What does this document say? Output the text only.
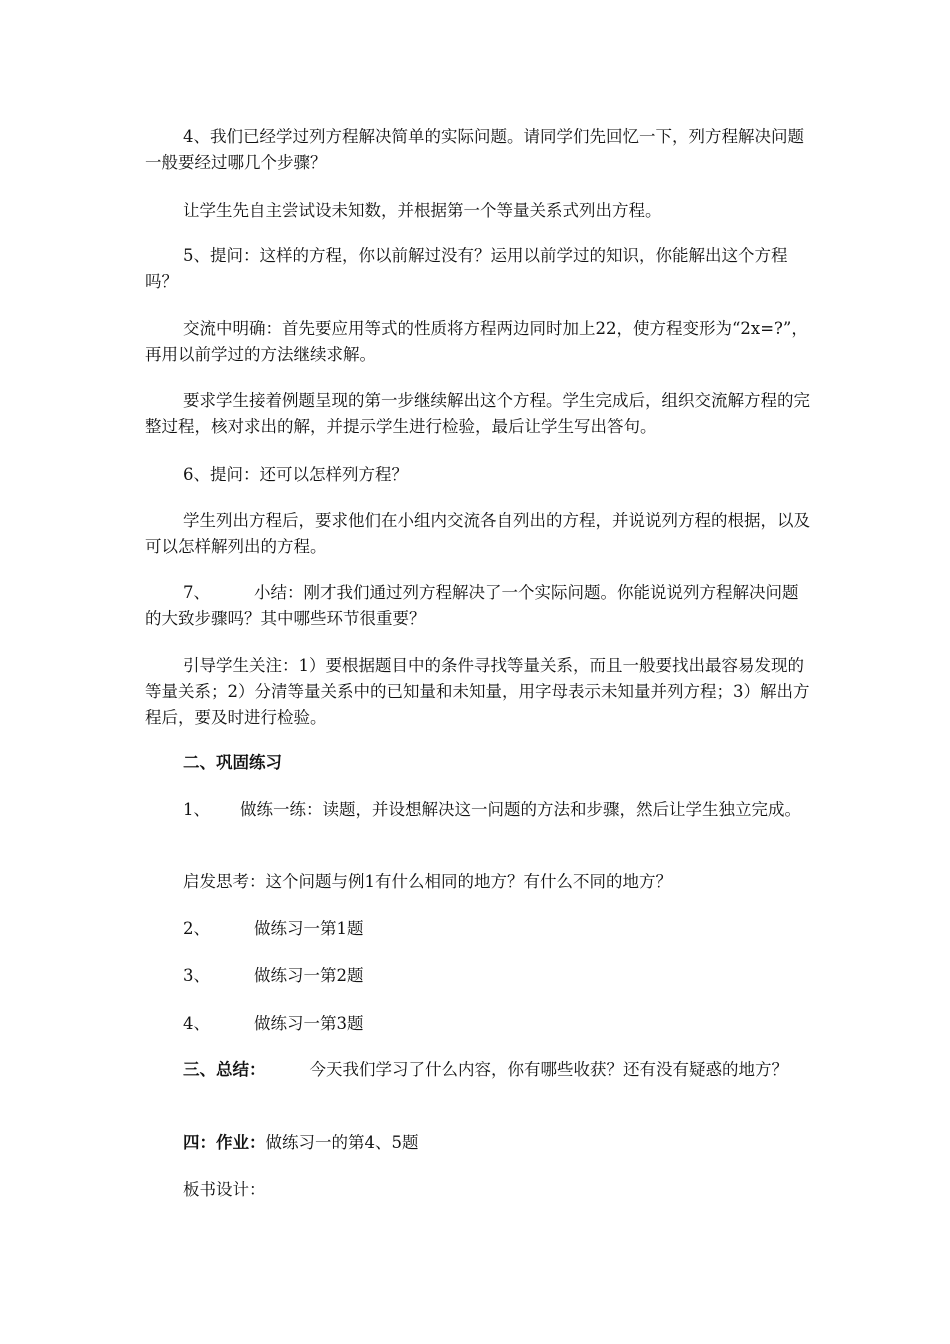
4、我们已经学过列方程解决简单的实际问题。请同学们先回忆一下，列方程解决问题一般要经过哪几个步骤？

让学生先自主尝试设未知数，并根据第一个等量关系式列出方程。

5、提问：这样的方程，你以前解过没有？运用以前学过的知识，你能解出这个方程吗？

交流中明确：首先要应用等式的性质将方程两边同时加上22，使方程变形为“2x=?”，再用以前学过的方法继续求解。

要求学生接着例题呈现的第一步继续解出这个方程。学生完成后，组织交流解方程的完整过程，核对求出的解，并提示学生进行检验，最后让学生写出答句。

6、提问：还可以怎样列方程？

学生列出方程后，要求他们在小组内交流各自列出的方程，并说说列方程的根据，以及可以怎样解列出的方程。

7、	小结：刚才我们通过列方程解决了一个实际问题。你能说说列方程解决问题的大致步骤吗？其中哪些环节很重要？

引导学生关注：1）要根据题目中的条件寻找等量关系，而且一般要找出最容易发现的等量关系；2）分清等量关系中的已知量和未知量，用字母表示未知量并列方程；3）解出方程后，要及时进行检验。

二、巩固练习

1、 做练一练：读题，并设想解决这一问题的方法和步骤，然后让学生独立完成。

启发思考：这个问题与例1有什么相同的地方？有什么不同的地方？

2、	做练习一第1题

3、	做练习一第2题

4、	做练习一第3题

三、总结：	今天我们学习了什么内容，你有哪些收获？还有没有疑惑的地方？

四：作业：做练习一的第4、5题

板书设计：
